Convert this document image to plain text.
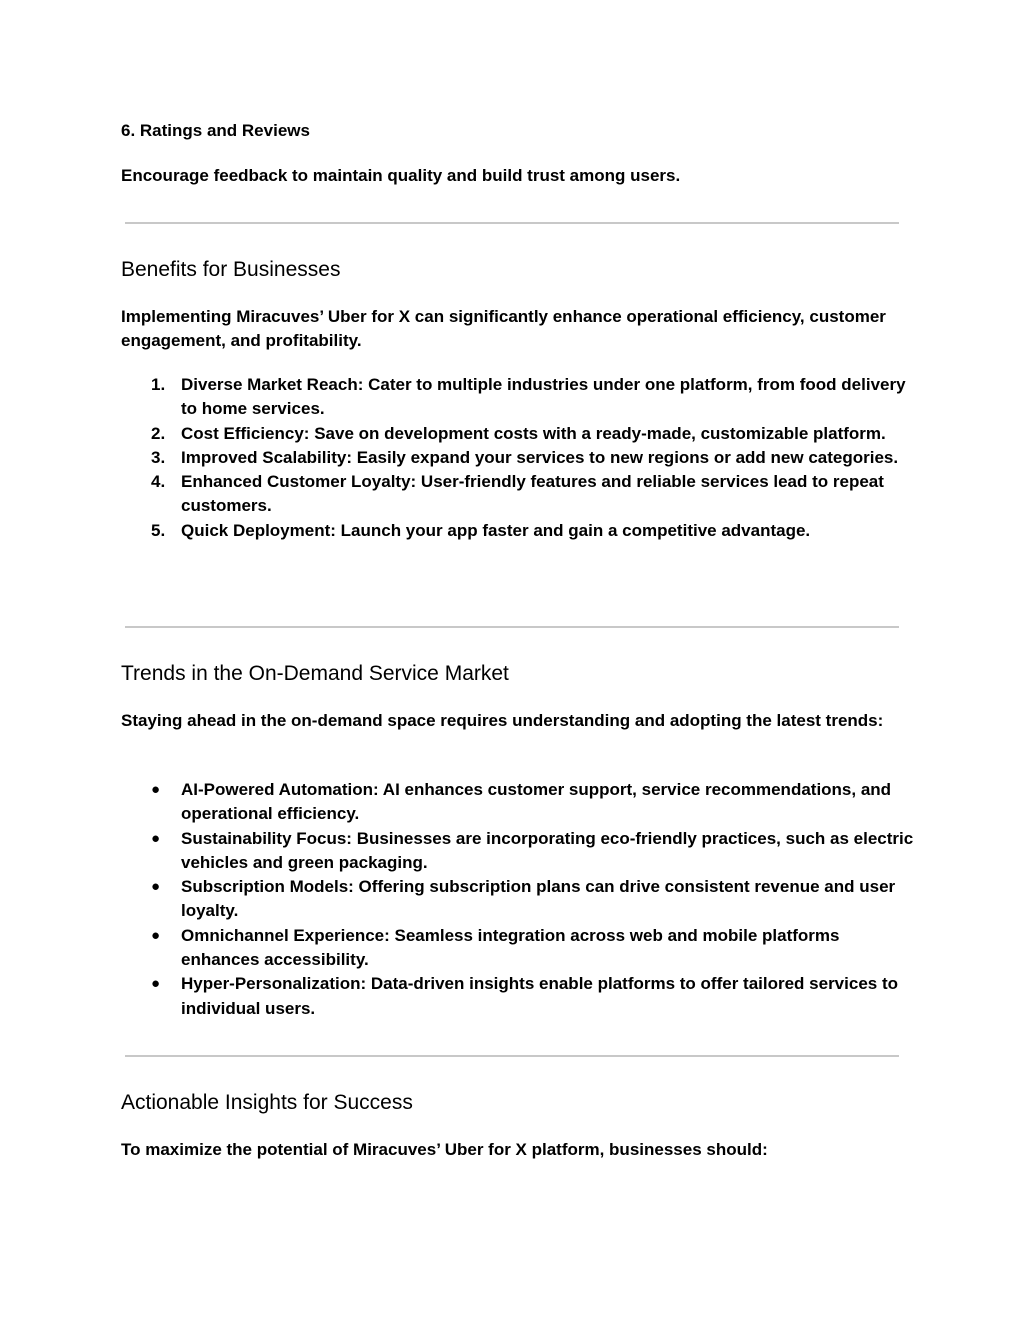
6. Ratings and Reviews

Encourage feedback to maintain quality and build trust among users.

Benefits for Businesses

Implementing Miracuves’ Uber for X can significantly enhance operational efficiency, customer engagement, and profitability.

1. Diverse Market Reach: Cater to multiple industries under one platform, from food delivery to home services.
2. Cost Efficiency: Save on development costs with a ready-made, customizable platform.
3. Improved Scalability: Easily expand your services to new regions or add new categories.
4. Enhanced Customer Loyalty: User-friendly features and reliable services lead to repeat customers.
5. Quick Deployment: Launch your app faster and gain a competitive advantage.
Trends in the On-Demand Service Market

Staying ahead in the on-demand space requires understanding and adopting the latest trends:

●	AI-Powered Automation: AI enhances customer support, service recommendations, and operational efficiency.
●	Sustainability Focus: Businesses are incorporating eco-friendly practices, such as electric vehicles and green packaging.
●	Subscription Models: Offering subscription plans can drive consistent revenue and user loyalty.
●	Omnichannel Experience: Seamless integration across web and mobile platforms enhances accessibility.
●	Hyper-Personalization: Data-driven insights enable platforms to offer tailored services to individual users.
Actionable Insights for Success

To maximize the potential of Miracuves’ Uber for X platform, businesses should:
